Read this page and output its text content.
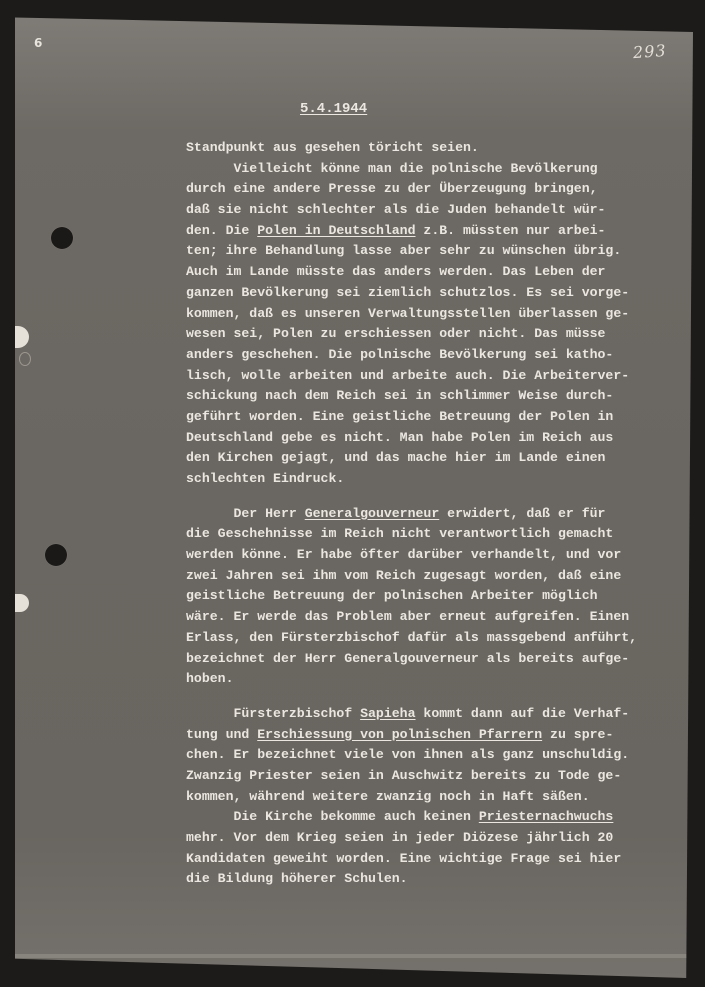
6	293
5.4.1944
Standpunkt aus gesehen töricht seien.
Vielleicht könne man die polnische Bevölkerung
durch eine andere Presse zu der Überzeugung bringen,
daß sie nicht schlechter als die Juden behandelt wür-
den. Die Polen in Deutschland z.B. müssten nur arbei-
ten; ihre Behandlung lasse aber sehr zu wünschen übrig.
Auch im Lande müsste das anders werden. Das Leben der
ganzen Bevölkerung sei ziemlich schutzlos. Es sei vorge-
kommen, daß es unseren Verwaltungsstellen überlassen ge-
wesen sei, Polen zu erschiessen oder nicht. Das müsse
anders geschehen. Die polnische Bevölkerung sei katho-
lisch, wolle arbeiten und arbeite auch. Die Arbeiterver-
schickung nach dem Reich sei in schlimmer Weise durch-
geführt worden. Eine geistliche Betreuung der Polen in
Deutschland gebe es nicht. Man habe Polen im Reich aus
den Kirchen gejagt, und das mache hier im Lande einen
schlechten Eindruck.
Der Herr Generalgouverneur erwidert, daß er für
die Geschehnisse im Reich nicht verantwortlich gemacht
werden könne. Er habe öfter darüber verhandelt, und vor
zwei Jahren sei ihm vom Reich zugesagt worden, daß eine
geistliche Betreuung der polnischen Arbeiter möglich
wäre. Er werde das Problem aber erneut aufgreifen. Einen
Erlass, den Fürsterzbischof dafür als massgebend anführt,
bezeichnet der Herr Generalgouverneur als bereits aufge-
hoben.
Fürsterzbischof Sapieha kommt dann auf die Verhaf-
tung und Erschiessung von polnischen Pfarrern zu spre-
chen. Er bezeichnet viele von ihnen als ganz unschuldig.
Zwanzig Priester seien in Auschwitz bereits zu Tode ge-
kommen, während weitere zwanzig noch in Haft säßen.
Die Kirche bekomme auch keinen Priesternachwuchs
mehr. Vor dem Krieg seien in jeder Diözese jährlich 20
Kandidaten geweiht worden. Eine wichtige Frage sei hier
die Bildung höherer Schulen.
